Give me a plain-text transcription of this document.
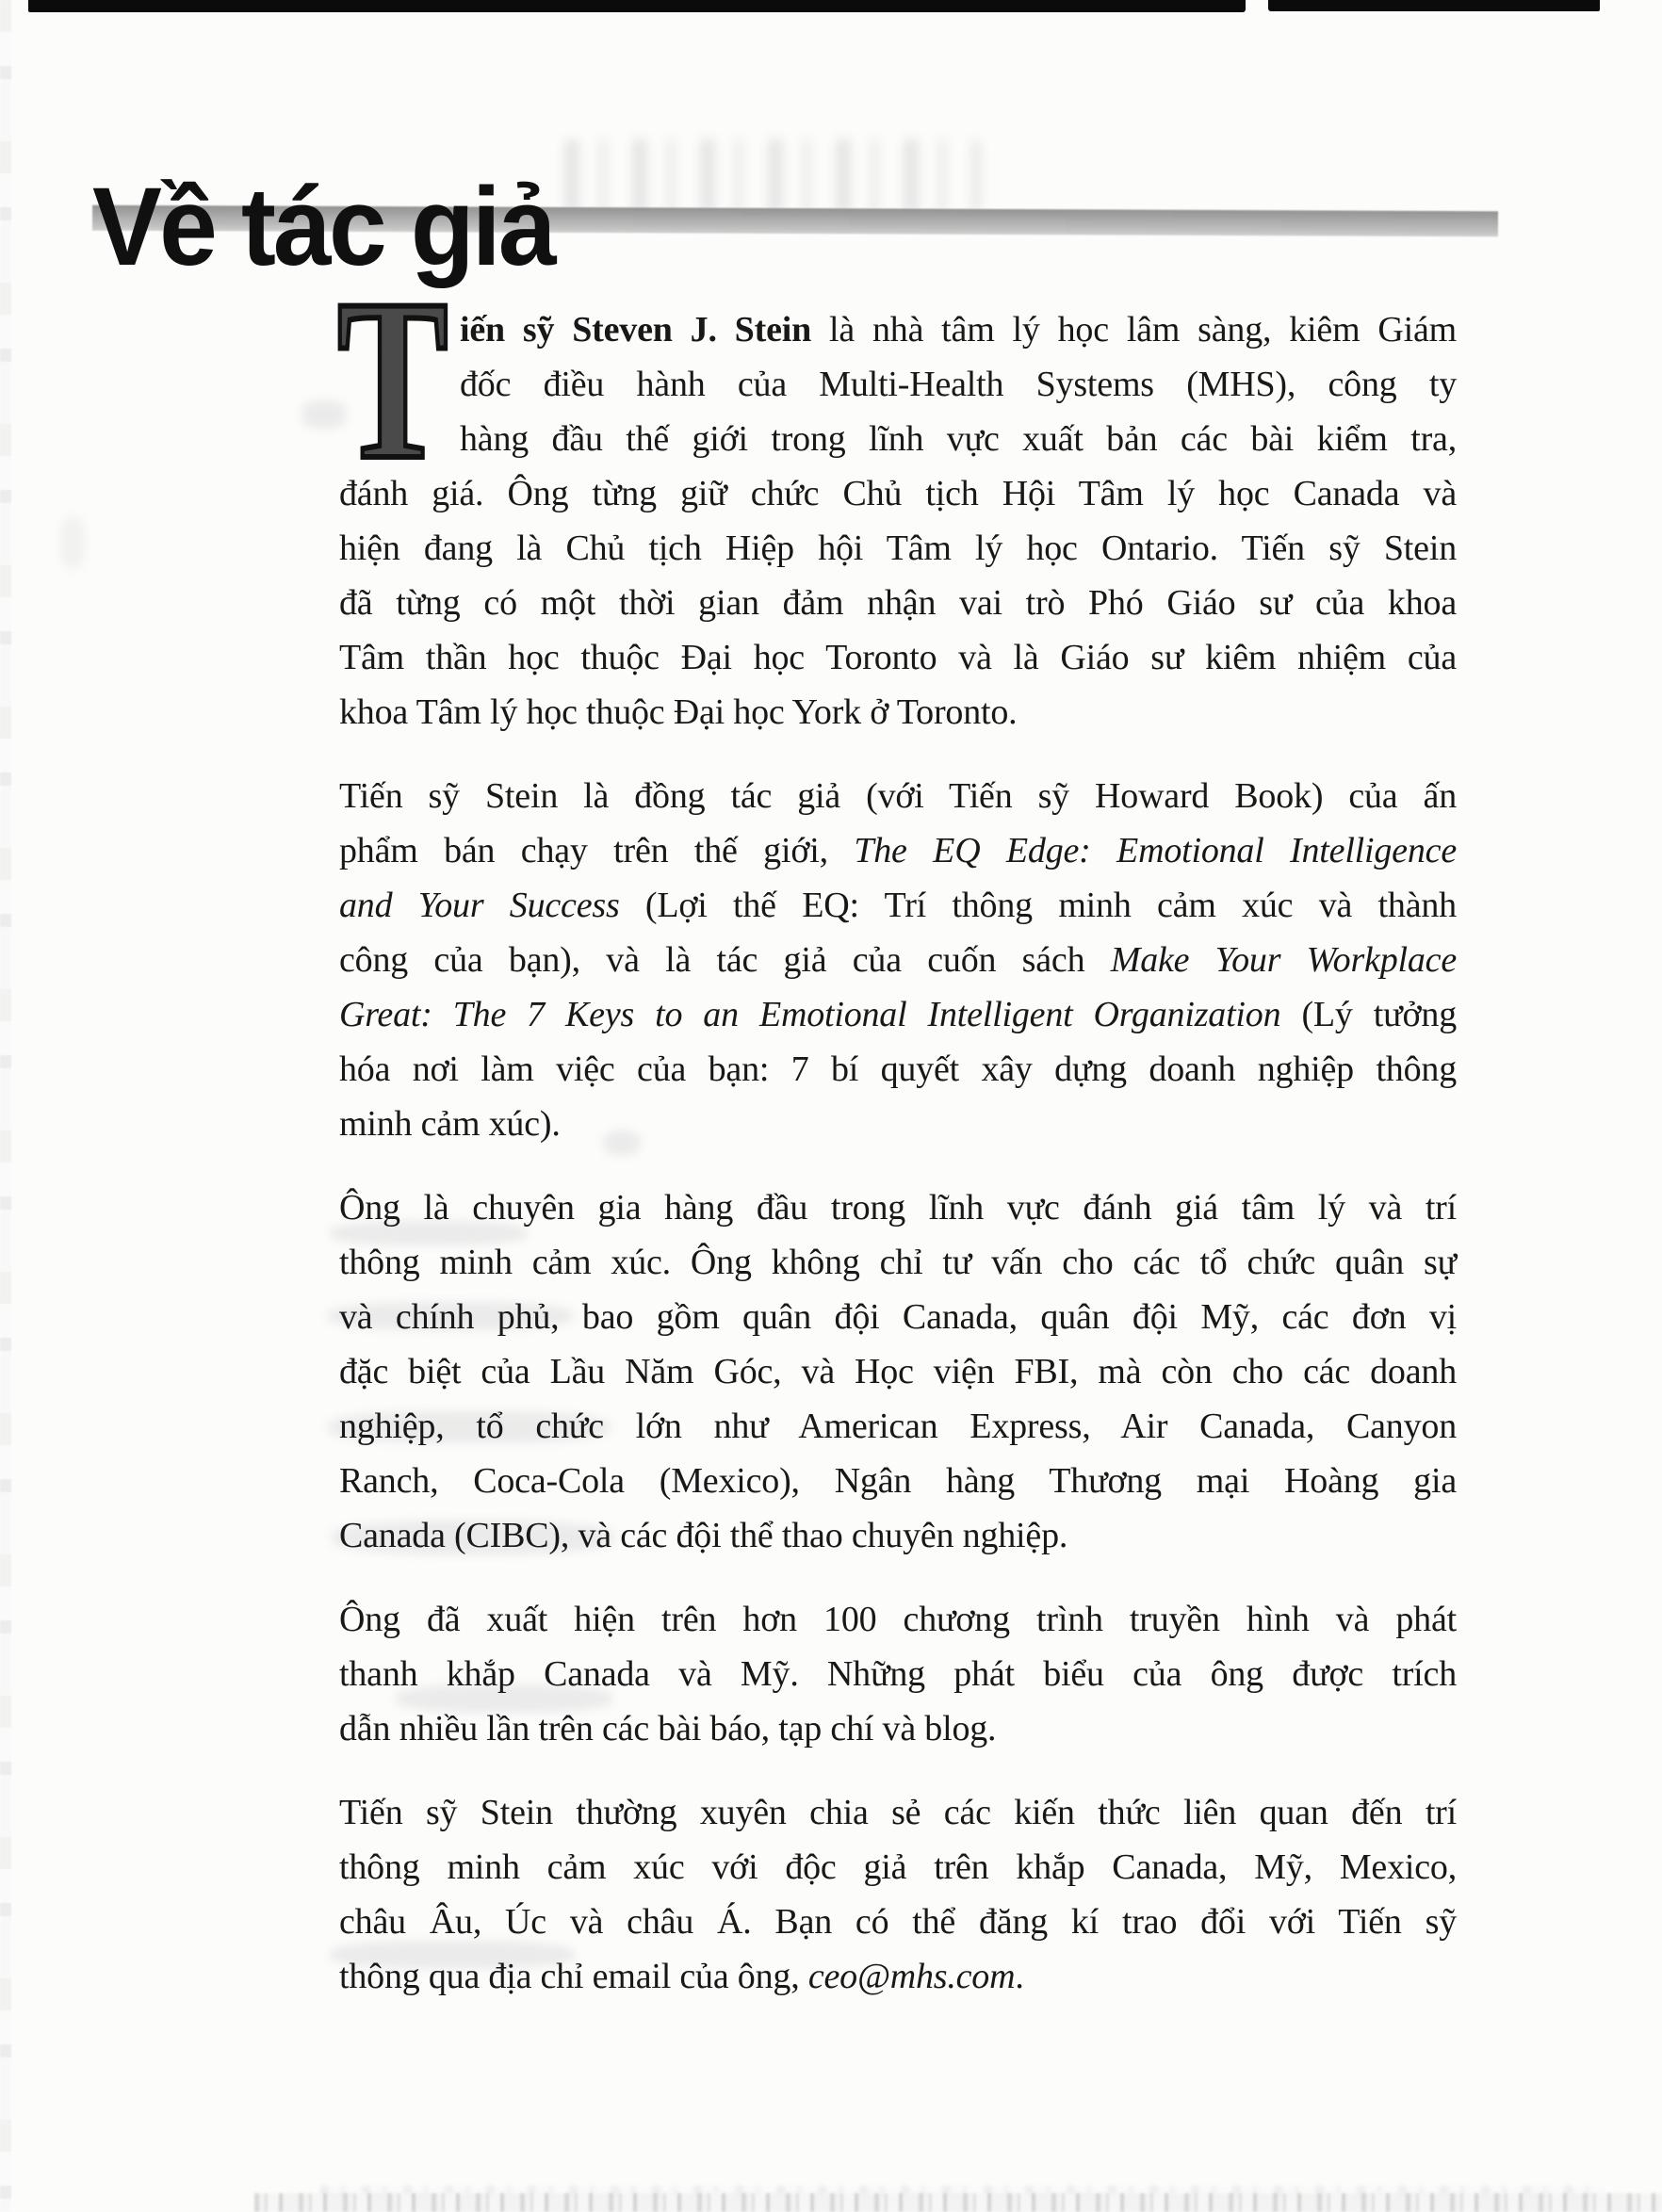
Về tác giả
T iến sỹ Steven J. Stein là nhà tâm lý học lâm sàng, kiêm Giám
đốc điều hành của Multi-Health Systems (MHS), công ty
hàng đầu thế giới trong lĩnh vực xuất bản các bài kiểm tra,
đánh giá. Ông từng giữ chức Chủ tịch Hội Tâm lý học Canada và
hiện đang là Chủ tịch Hiệp hội Tâm lý học Ontario. Tiến sỹ Stein
đã từng có một thời gian đảm nhận vai trò Phó Giáo sư của khoa
Tâm thần học thuộc Đại học Toronto và là Giáo sư kiêm nhiệm của
khoa Tâm lý học thuộc Đại học York ở Toronto.
Tiến sỹ Stein là đồng tác giả (với Tiến sỹ Howard Book) của ấn
phẩm bán chạy trên thế giới, The EQ Edge: Emotional Intelligence
and Your Success (Lợi thế EQ: Trí thông minh cảm xúc và thành
công của bạn), và là tác giả của cuốn sách Make Your Workplace
Great: The 7 Keys to an Emotional Intelligent Organization (Lý tưởng
hóa nơi làm việc của bạn: 7 bí quyết xây dựng doanh nghiệp thông
minh cảm xúc).
Ông là chuyên gia hàng đầu trong lĩnh vực đánh giá tâm lý và trí
thông minh cảm xúc. Ông không chỉ tư vấn cho các tổ chức quân sự
và chính phủ, bao gồm quân đội Canada, quân đội Mỹ, các đơn vị
đặc biệt của Lầu Năm Góc, và Học viện FBI, mà còn cho các doanh
nghiệp, tổ chức lớn như American Express, Air Canada, Canyon
Ranch, Coca-Cola (Mexico), Ngân hàng Thương mại Hoàng gia
Canada (CIBC), và các đội thể thao chuyên nghiệp.
Ông đã xuất hiện trên hơn 100 chương trình truyền hình và phát
thanh khắp Canada và Mỹ. Những phát biểu của ông được trích
dẫn nhiều lần trên các bài báo, tạp chí và blog.
Tiến sỹ Stein thường xuyên chia sẻ các kiến thức liên quan đến trí
thông minh cảm xúc với độc giả trên khắp Canada, Mỹ, Mexico,
châu Âu, Úc và châu Á. Bạn có thể đăng kí trao đổi với Tiến sỹ
thông qua địa chỉ email của ông, ceo@mhs.com.
